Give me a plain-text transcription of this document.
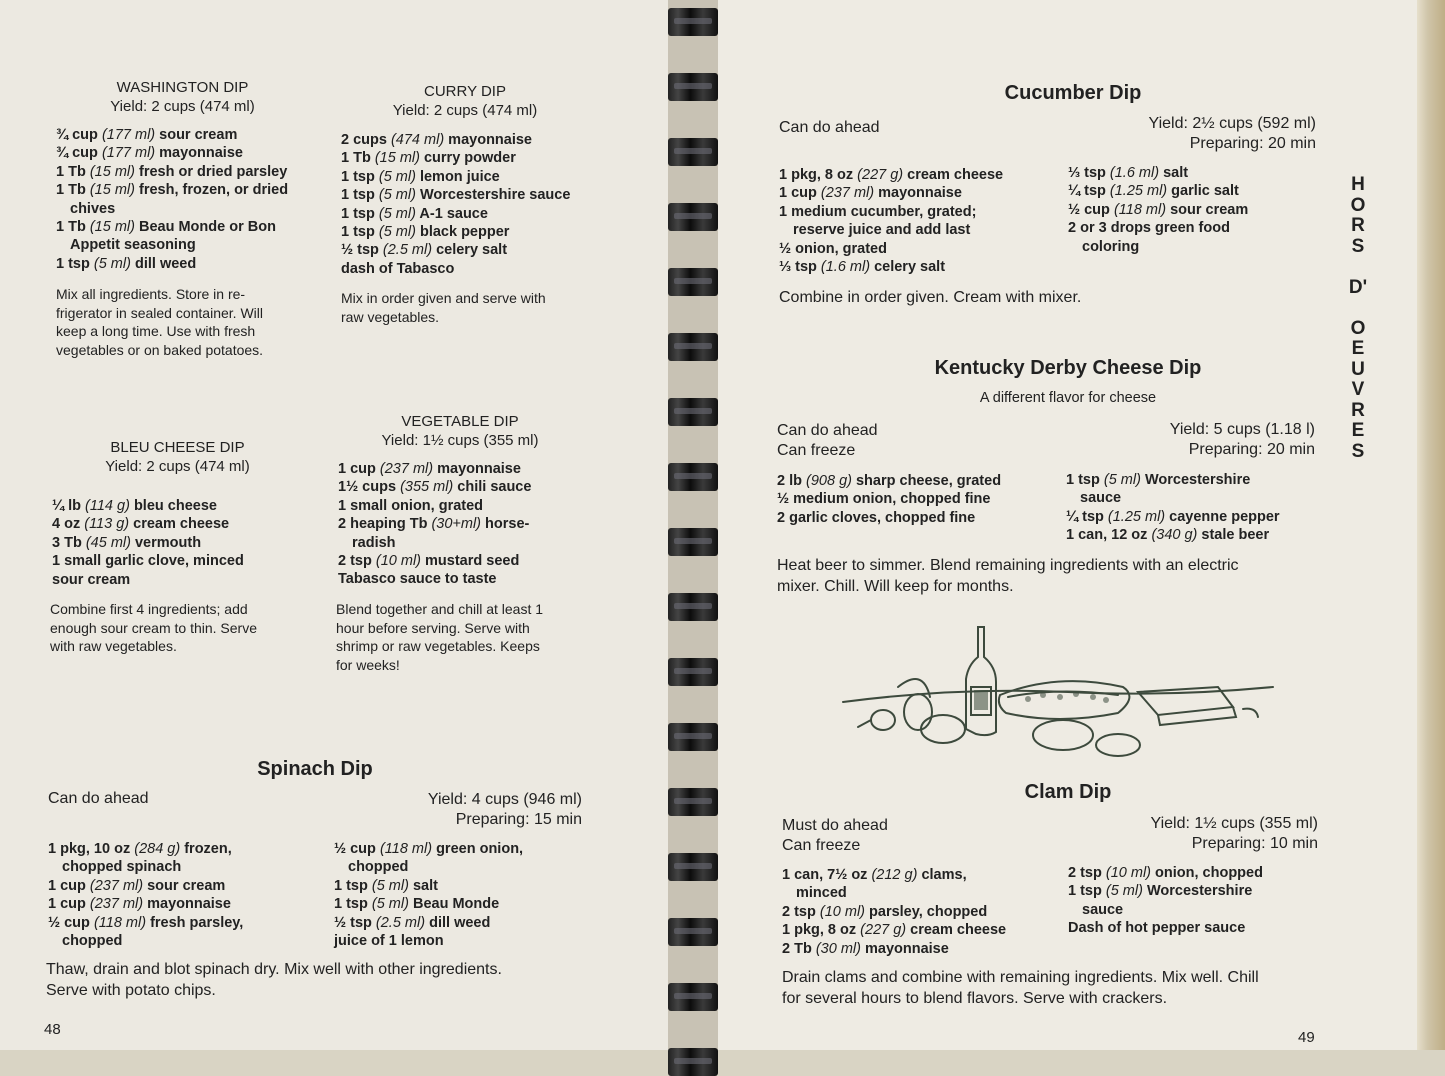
WASHINGTON DIP
Yield: 2 cups (474 ml)
¾ cup (177 ml) sour cream
¾ cup (177 ml) mayonnaise
1 Tb (15 ml) fresh or dried parsley
1 Tb (15 ml) fresh, frozen, or dried
chives
1 Tb (15 ml) Beau Monde or Bon
Appetit seasoning
1 tsp (5 ml) dill weed
Mix all ingredients. Store in re-
frigerator in sealed container. Will
keep a long time. Use with fresh
vegetables or on baked potatoes.
CURRY DIP
Yield: 2 cups (474 ml)
2 cups (474 ml) mayonnaise
1 Tb (15 ml) curry powder
1 tsp (5 ml) lemon juice
1 tsp (5 ml) Worcestershire sauce
1 tsp (5 ml) A-1 sauce
1 tsp (5 ml) black pepper
½ tsp (2.5 ml) celery salt
dash of Tabasco
Mix in order given and serve with
raw vegetables.
BLEU CHEESE DIP
Yield: 2 cups (474 ml)
¼ lb (114 g) bleu cheese
4 oz (113 g) cream cheese
3 Tb (45 ml) vermouth
1 small garlic clove, minced
sour cream
Combine first 4 ingredients; add
enough sour cream to thin. Serve
with raw vegetables.
VEGETABLE DIP
Yield: 1½ cups (355 ml)
1 cup (237 ml) mayonnaise
1½ cups (355 ml) chili sauce
1 small onion, grated
2 heaping Tb (30+ml) horse-
radish
2 tsp (10 ml) mustard seed
Tabasco sauce to taste
Blend together and chill at least 1
hour before serving. Serve with
shrimp or raw vegetables. Keeps
for weeks!
Spinach Dip
Can do ahead	Yield: 4 cups (946 ml)
Preparing: 15 min
1 pkg, 10 oz (284 g) frozen,
chopped spinach
1 cup (237 ml) sour cream
1 cup (237 ml) mayonnaise
½ cup (118 ml) fresh parsley,
chopped
½ cup (118 ml) green onion,
chopped
1 tsp (5 ml) salt
1 tsp (5 ml) Beau Monde
½ tsp (2.5 ml) dill weed
juice of 1 lemon
Thaw, drain and blot spinach dry. Mix well with other ingredients.
Serve with potato chips.
48
Cucumber Dip
Can do ahead	Yield: 2½ cups (592 ml)
Preparing: 20 min
1 pkg, 8 oz (227 g) cream cheese
1 cup (237 ml) mayonnaise
1 medium cucumber, grated;
reserve juice and add last
½ onion, grated
⅓ tsp (1.6 ml) celery salt
⅓ tsp (1.6 ml) salt
¼ tsp (1.25 ml) garlic salt
½ cup (118 ml) sour cream
2 or 3 drops green food
coloring
Combine in order given. Cream with mixer.
Kentucky Derby Cheese Dip
A different flavor for cheese
Can do ahead
Can freeze
Yield: 5 cups (1.18 l)
Preparing: 20 min
2 lb (908 g) sharp cheese, grated
½ medium onion, chopped fine
2 garlic cloves, chopped fine
1 tsp (5 ml) Worcestershire
sauce
¼ tsp (1.25 ml) cayenne pepper
1 can, 12 oz (340 g) stale beer
Heat beer to simmer. Blend remaining ingredients with an electric
mixer. Chill. Will keep for months.
Clam Dip
Must do ahead
Can freeze
Yield: 1½ cups (355 ml)
Preparing: 10 min
1 can, 7½ oz (212 g) clams,
minced
2 tsp (10 ml) parsley, chopped
1 pkg, 8 oz (227 g) cream cheese
2 Tb (30 ml) mayonnaise
2 tsp (10 ml) onion, chopped
1 tsp (5 ml) Worcestershire
sauce
Dash of hot pepper sauce
Drain clams and combine with remaining ingredients. Mix well. Chill
for several hours to blend flavors. Serve with crackers.
49
H
O
R
S
D'
O
E
U
V
R
E
S
